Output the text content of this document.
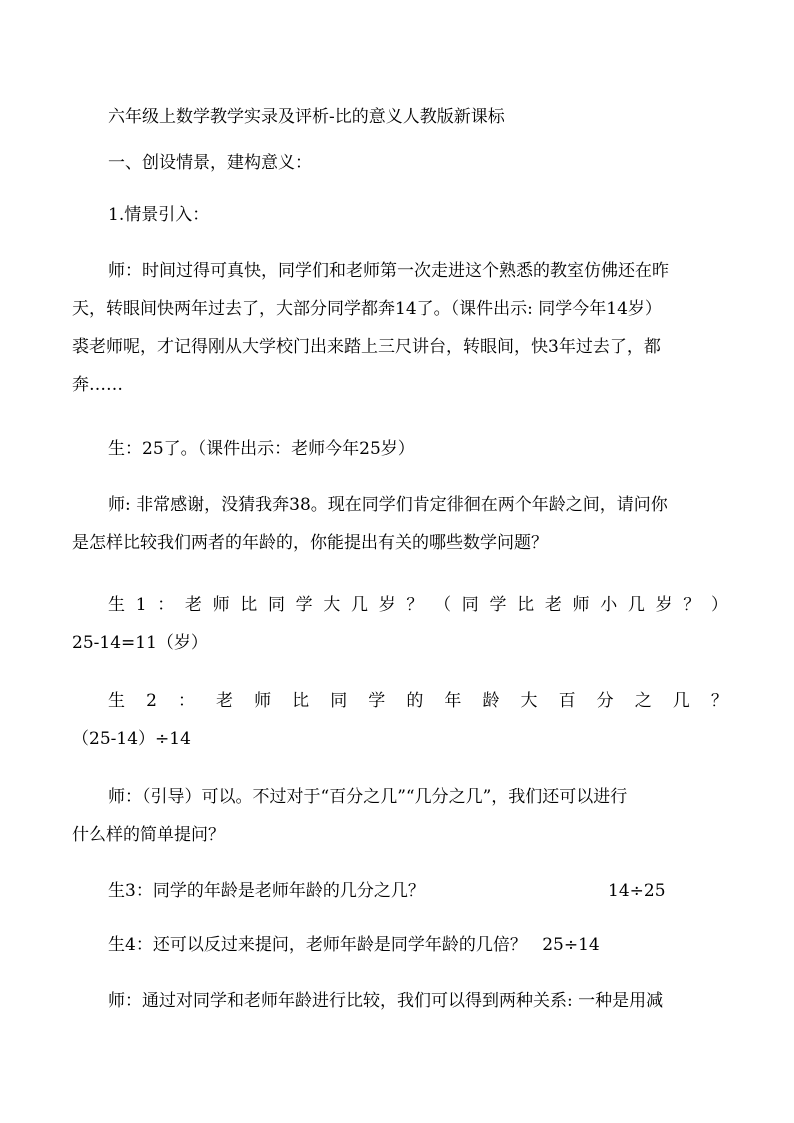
六年级上数学教学实录及评析-比的意义人教版新课标
一、创设情景，建构意义：
1.情景引入：
师：时间过得可真快，同学们和老师第一次走进这个熟悉的教室仿佛还在昨
天，转眼间快两年过去了，大部分同学都奔14了。（课件出示: 同学今年14岁）
裘老师呢，才记得刚从大学校门出来踏上三尺讲台，转眼间，快3年过去了，都
奔……
生：25了。（课件出示：老师今年25岁）
师: 非常感谢，没猜我奔38。现在同学们肯定徘徊在两个年龄之间，请问你
是怎样比较我们两者的年龄的，你能提出有关的哪些数学问题？
生 1 ： 老 师 比 同 学 大 几 岁 ？ （ 同 学 比 老 师 小 几 岁 ？ ）
25-14=11（岁）
生 2 ： 老 师 比 同 学 的 年 龄 大 百 分 之 几 ？
（25-14）÷14
师：（引导）可以。不过对于“百分之几”“几分之几”，我们还可以进行
什么样的简单提问？
生3：同学的年龄是老师年龄的几分之几？	14÷25
生4：还可以反过来提问，老师年龄是同学年龄的几倍？ 25÷14
师：通过对同学和老师年龄进行比较，我们可以得到两种关系: 一种是用减
